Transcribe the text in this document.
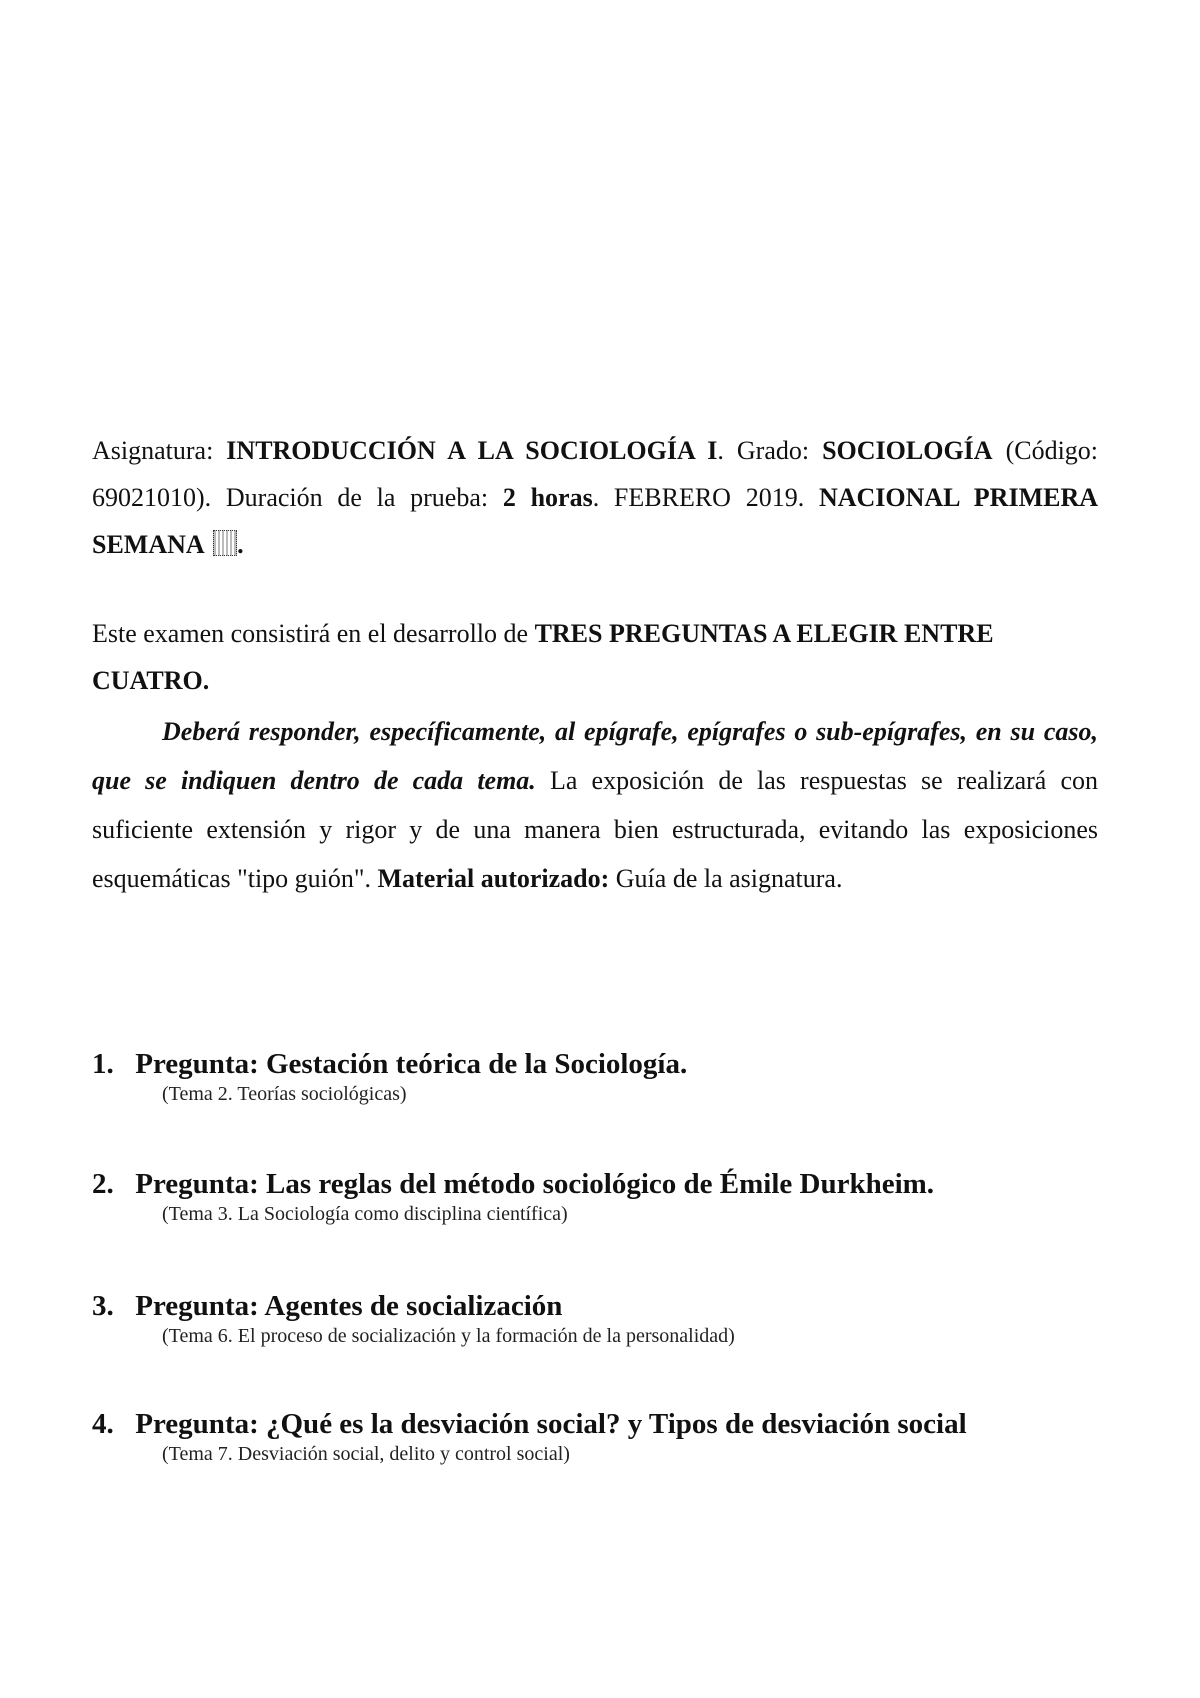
Asignatura: INTRODUCCIÓN A LA SOCIOLOGÍA I. Grado: SOCIOLOGÍA (Código: 69021010). Duración de la prueba: 2 horas. FEBRERO 2019. NACIONAL PRIMERA SEMANA .

Este examen consistirá en el desarrollo de TRES PREGUNTAS A ELEGIR ENTRE CUATRO.

Deberá responder, específicamente, al epígrafe, epígrafes o sub-epígrafes, en su caso, que se indiquen dentro de cada tema. La exposición de las respuestas se realizará con suficiente extensión y rigor y de una manera bien estructurada, evitando las exposiciones esquemáticas "tipo guión". Material autorizado: Guía de la asignatura.

1. Pregunta: Gestación teórica de la Sociología.
(Tema 2. Teorías sociológicas)
2. Pregunta: Las reglas del método sociológico de Émile Durkheim.
(Tema 3. La Sociología como disciplina científica)
3. Pregunta: Agentes de socialización
(Tema 6. El proceso de socialización y la formación de la personalidad)
4. Pregunta: ¿Qué es la desviación social? y Tipos de desviación social
(Tema 7. Desviación social, delito y control social)
